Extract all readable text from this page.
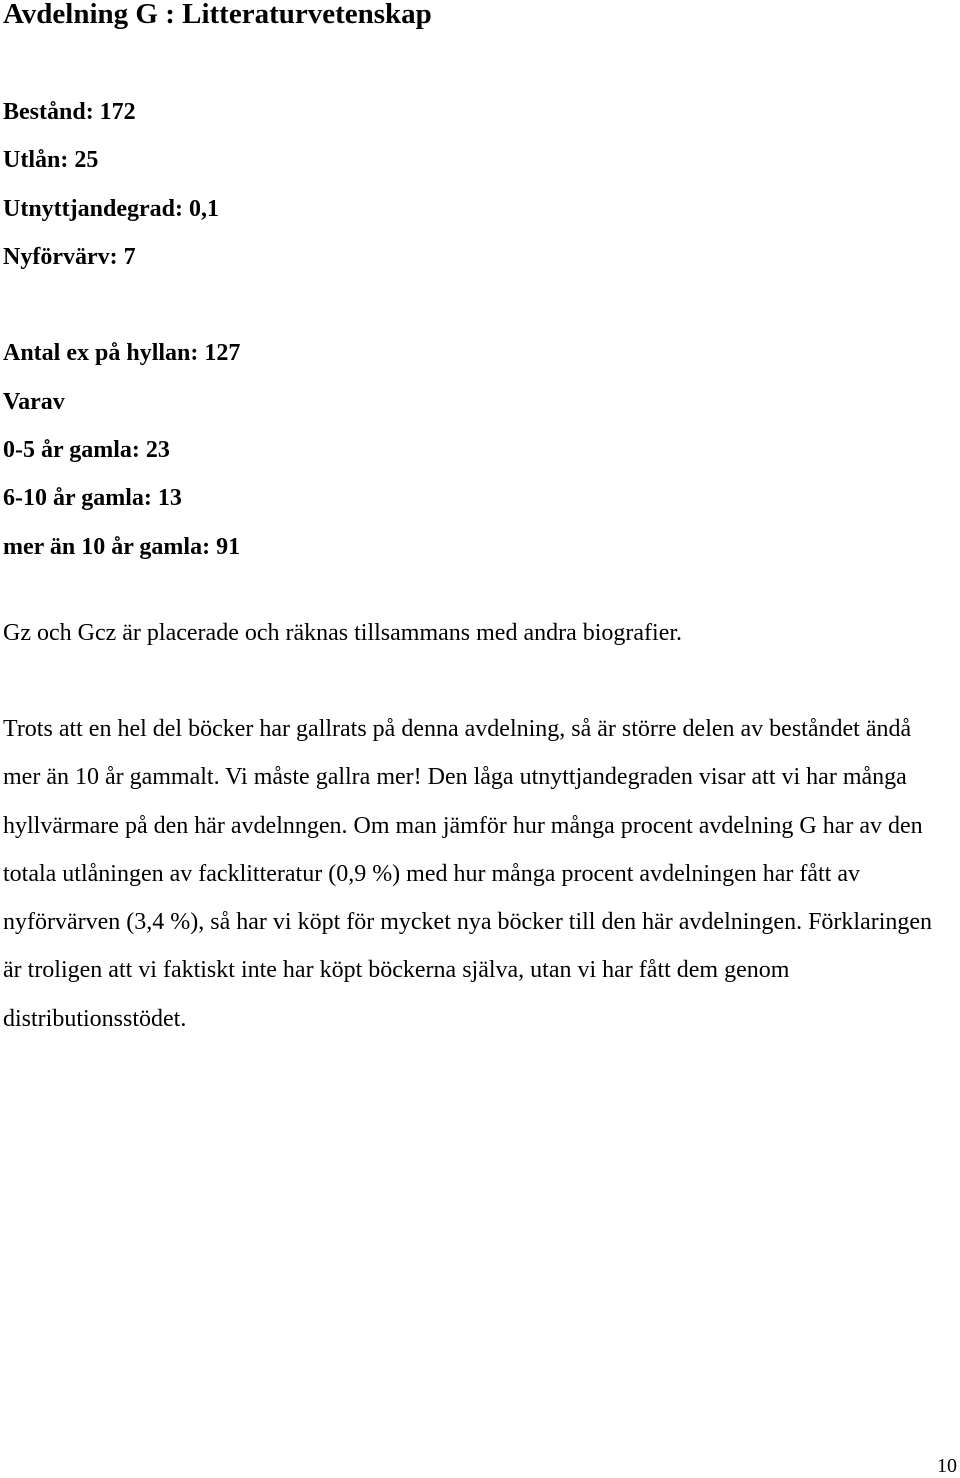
Avdelning G : Litteraturvetenskap
Bestånd: 172
Utlån: 25
Utnyttjandegrad: 0,1
Nyförvärv: 7
Antal ex på hyllan: 127
Varav
0-5 år gamla: 23
6-10 år gamla: 13
mer än 10 år gamla: 91

Gz och Gcz är placerade och räknas tillsammans med andra biografier.

Trots att en hel del böcker har gallrats på denna avdelning, så är större delen av beståndet ändå mer än 10 år gammalt. Vi måste gallra mer! Den låga utnyttjandegraden visar att vi har många hyllvärmare på den här avdelnngen. Om man jämför hur många procent avdelning G har av den totala utlåningen av facklitteratur (0,9 %) med hur många procent avdelningen har fått av nyförvärven (3,4 %), så har vi köpt för mycket nya böcker till den här avdelningen. Förklaringen är troligen att vi faktiskt inte har köpt böckerna själva, utan vi har fått dem genom distributionsstödet.

10
